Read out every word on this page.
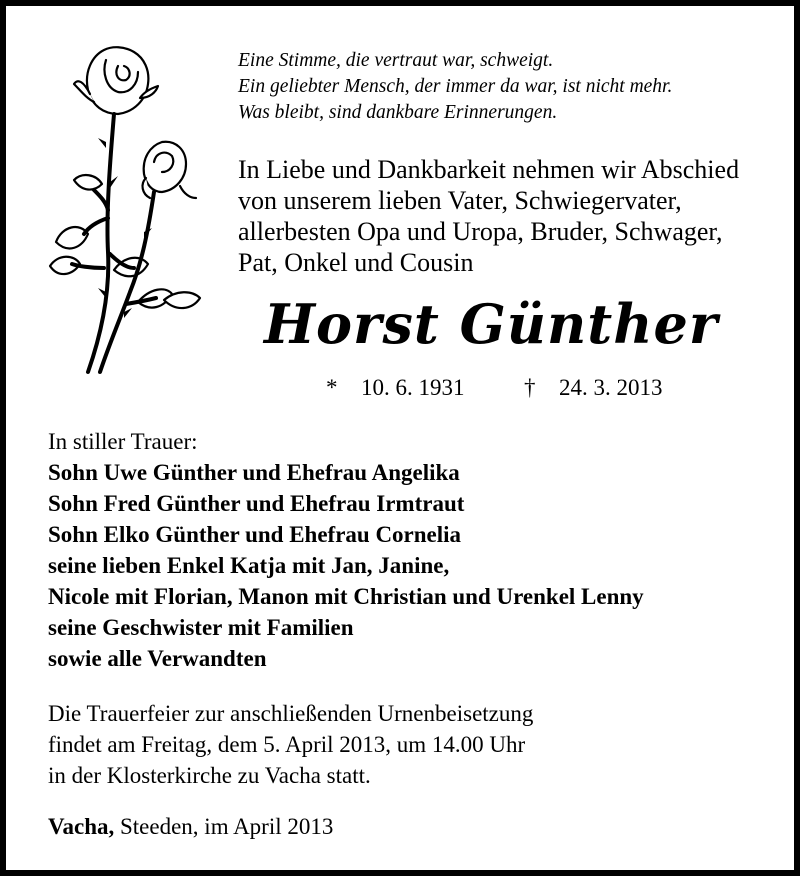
Eine Stimme, die vertraut war, schweigt.
Ein geliebter Mensch, der immer da war, ist nicht mehr.
Was bleibt, sind dankbare Erinnerungen.
In Liebe und Dankbarkeit nehmen wir Abschied
von unserem lieben Vater, Schwiegervater,
allerbesten Opa und Uropa, Bruder, Schwager,
Pat, Onkel und Cousin
Horst Günther
* 10. 6. 1931	† 24. 3. 2013
In stiller Trauer:
Sohn Uwe Günther und Ehefrau Angelika
Sohn Fred Günther und Ehefrau Irmtraut
Sohn Elko Günther und Ehefrau Cornelia
seine lieben Enkel Katja mit Jan, Janine,
Nicole mit Florian, Manon mit Christian und Urenkel Lenny
seine Geschwister mit Familien
sowie alle Verwandten
Die Trauerfeier zur anschließenden Urnenbeisetzung
findet am Freitag, dem 5. April 2013, um 14.00 Uhr
in der Klosterkirche zu Vacha statt.
Vacha, Steeden, im April 2013
